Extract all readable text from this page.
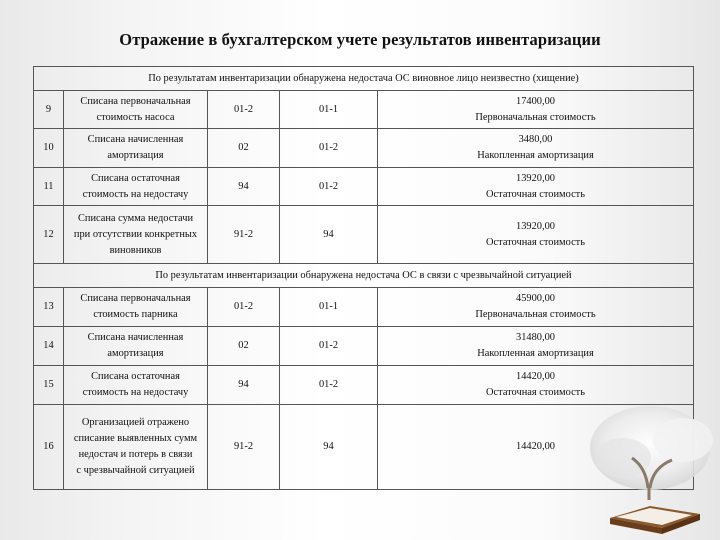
Отражение в бухгалтерском учете результатов инвентаризации
По результатам инвентаризации обнаружена недостача ОС виновное лицо неизвестно (хищение)				
9	Списана первоначальная
стоимость насоса	01-2	01-1	17400,00
Первоначальная стоимость

10	Списана начисленная
амортизация	02	01-2	3480,00
Накопленная амортизация

11	Списана остаточная
стоимость на недостачу	94	01-2	13920,00
Остаточная стоимость

12	Списана сумма недостачи
при отсутствии конкретных
виновников	91-2	94	13920,00
Остаточная стоимость

По результатам инвентаризации обнаружена недостача ОС в связи с чрезвычайной ситуацией				
13	Списана первоначальная
стоимость парника	01-2	01-1	45900,00
Первоначальная стоимость

14	Списана начисленная
амортизация	02	01-2	31480,00
Накопленная амортизация

15	Списана остаточная
стоимость на недостачу	94	01-2	14420,00
Остаточная стоимость

16	Организацией отражено
списание выявленных сумм
недостач и потерь в связи
с чрезвычайной ситуацией	91-2	94	14420,00
